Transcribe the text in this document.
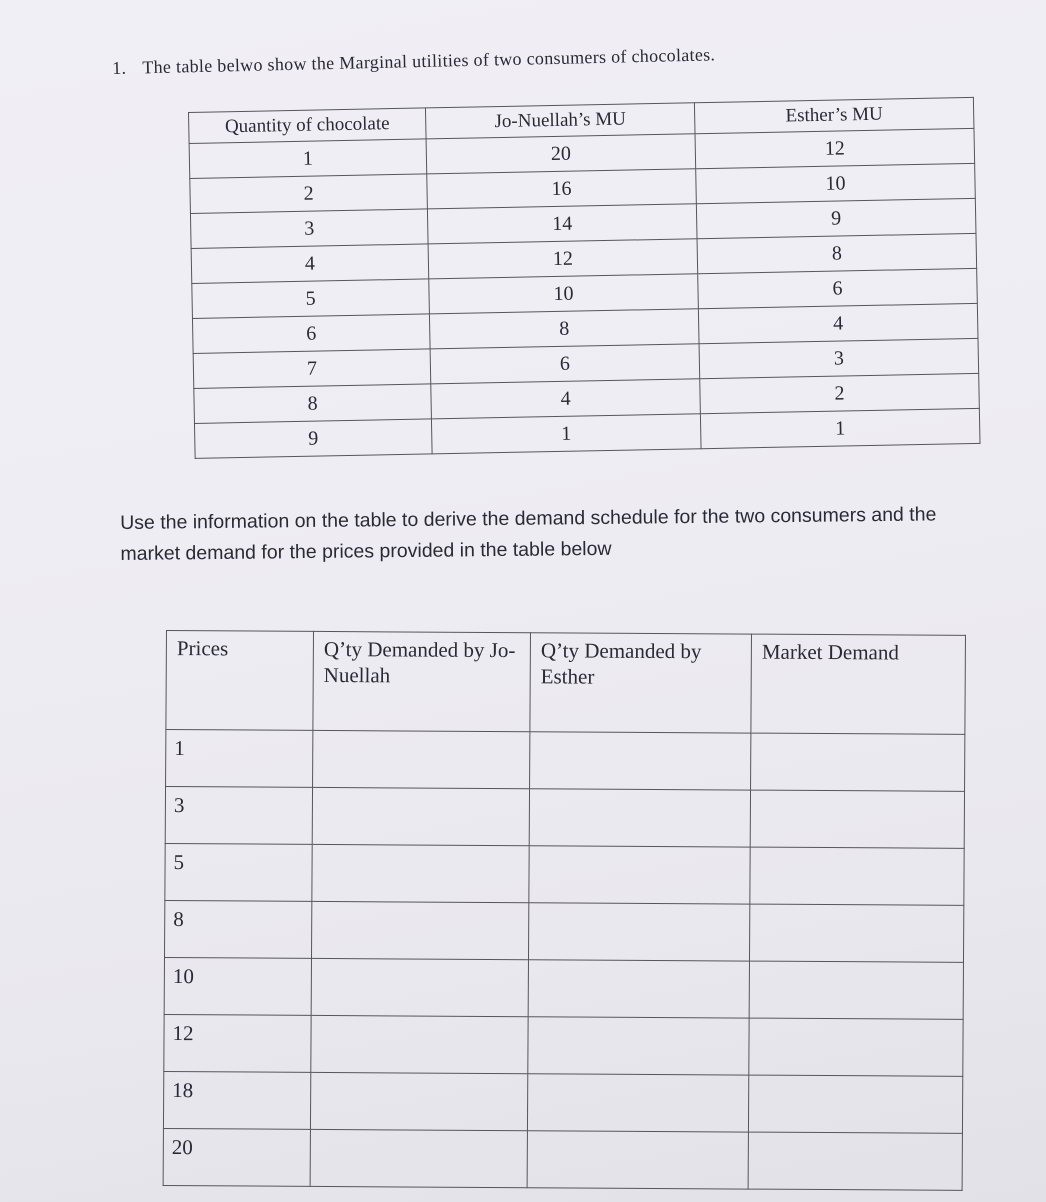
1. The table belwo show the Marginal utilities of two consumers of chocolates.
Quantity of chocolate	Jo-Nuellah’s MU	Esther’s MU
1	20	12
2	16	10
3	14	9
4	12	8
5	10	6
6	8	4
7	6	3
8	4	2
9	1	1
Use the information on the table to derive the demand schedule for the two consumers and the market demand for the prices provided in the table below
Prices	Q’ty Demanded by Jo-Nuellah	Q’ty Demanded by Esther	Market Demand
1			
3			
5			
8			
10			
12			
18			
20			
